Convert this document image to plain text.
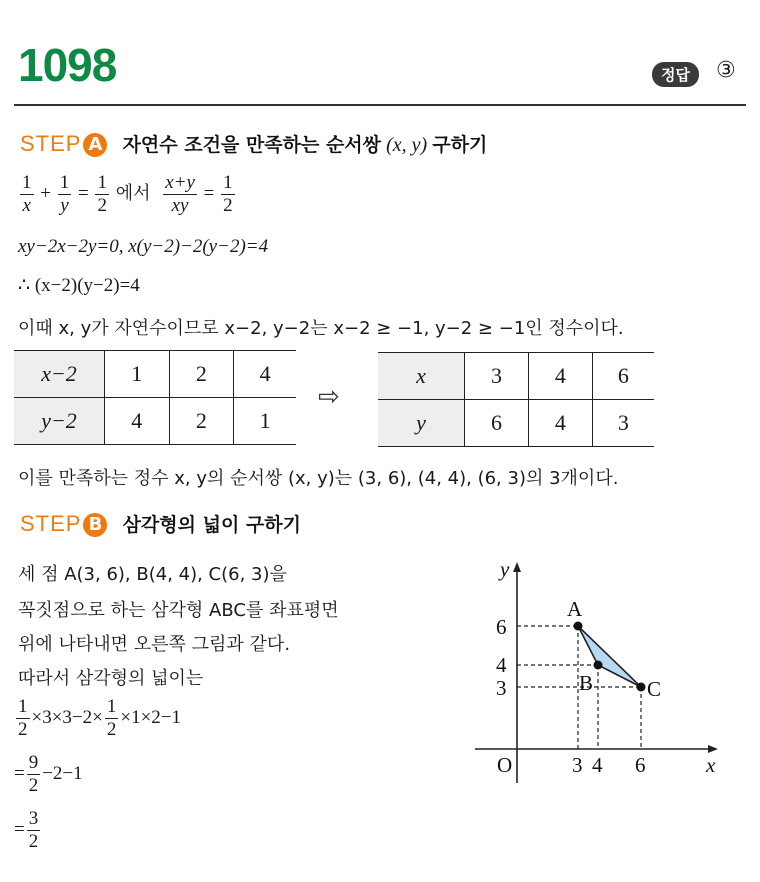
1098	정답	③
STEP A 자연수 조건을 만족하는 순서쌍 (x, y) 구하기
$\frac{1}{x} + \frac{1}{y} = \frac{1}{2}$ 에서 $\frac{x+y}{xy} = \frac{1}{2}$
xy−2x−2y=0, x(y−2)−2(y−2)=4
∴ (x−2)(y−2)=4
이때 x, y가 자연수이므로 x−2, y−2는 x−2 ≥ −1, y−2 ≥ −1인 정수이다.
x−2	1	2	4
y−2	4	2	1
⇨
x	3	4	6
y	6	4	3
이를 만족하는 정수 x, y의 순서쌍 (x, y)는 (3, 6), (4, 4), (6, 3)의 3개이다.
STEP B 삼각형의 넓이 구하기
세 점 A(3, 6), B(4, 4), C(6, 3)을
꼭짓점으로 하는 삼각형 ABC를 좌표평면
위에 나타내면 오른쪽 그림과 같다.
따라서 삼각형의 넓이는
$\frac{1}{2} \times 3\times 3-2\times \frac{1}{2} \times 1\times 2-1$
= $\frac{9}{2} -2-1$
= $\frac{3}{2}$
A
B	C
6
4
3
3 4 6
O	x
y
